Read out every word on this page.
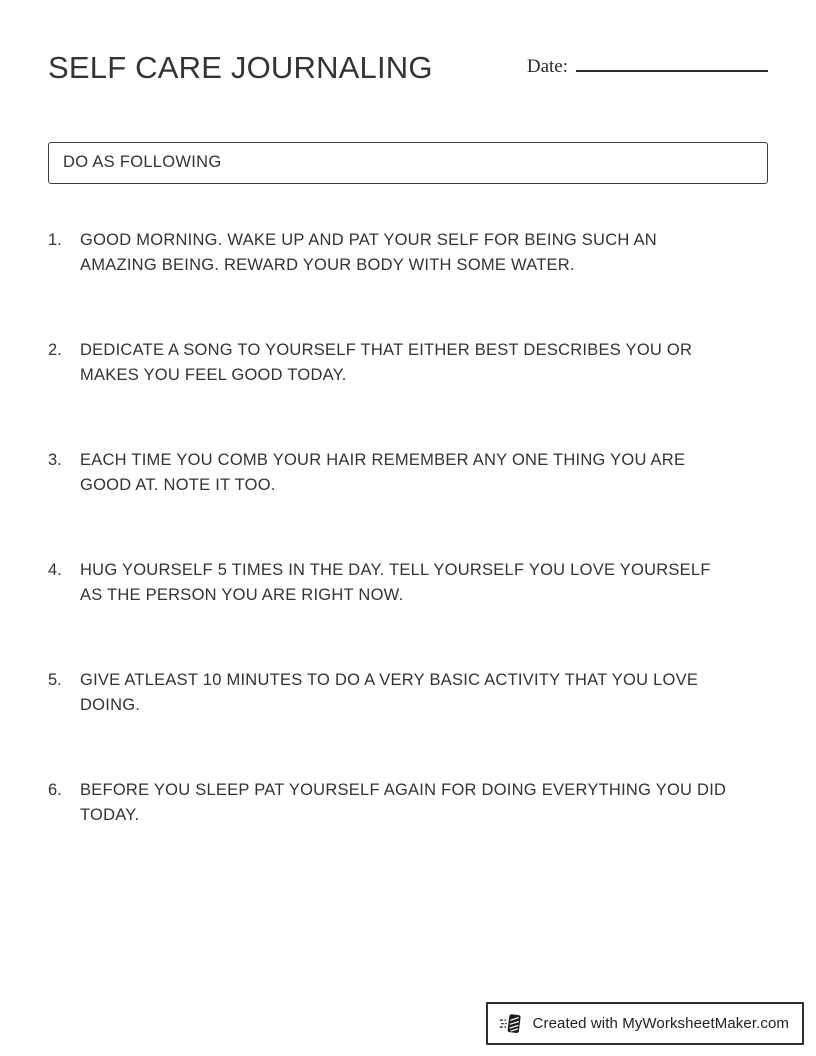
SELF CARE JOURNALING	Date:
DO AS FOLLOWING
1.	GOOD MORNING. WAKE UP AND PAT YOUR SELF FOR BEING SUCH AN
AMAZING BEING. REWARD YOUR BODY WITH SOME WATER.
2.	DEDICATE A SONG TO YOURSELF THAT EITHER BEST DESCRIBES YOU OR
MAKES YOU FEEL GOOD TODAY.
3.	EACH TIME YOU COMB YOUR HAIR REMEMBER ANY ONE THING YOU ARE
GOOD AT. NOTE IT TOO.
4.	HUG YOURSELF 5 TIMES IN THE DAY. TELL YOURSELF YOU LOVE YOURSELF
AS THE PERSON YOU ARE RIGHT NOW.
5.	GIVE ATLEAST 10 MINUTES TO DO A VERY BASIC ACTIVITY THAT YOU LOVE
DOING.
6.	BEFORE YOU SLEEP PAT YOURSELF AGAIN FOR DOING EVERYTHING YOU DID
TODAY.
Created with MyWorksheetMaker.com
